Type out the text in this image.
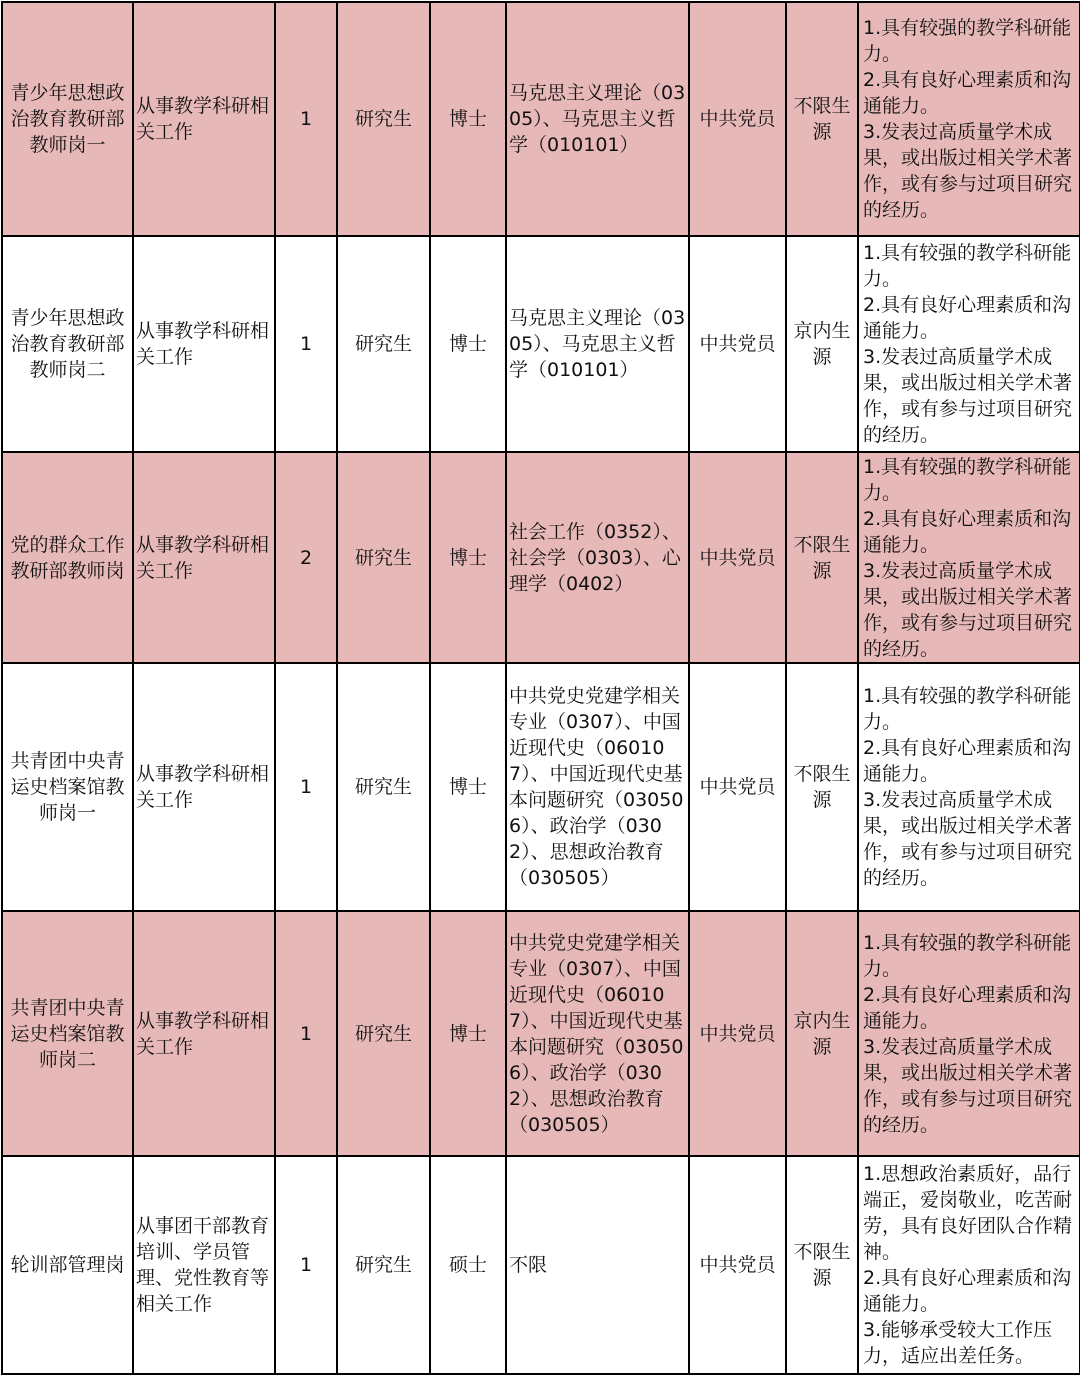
青少年思想政治教育教研部教师岗一	从事教学科研相关工作	1	研究生	博士	马克思主义理论（0305）、马克思主义哲学（010101）	中共党员	不限生源	1.具有较强的教学科研能力。
2.具有良好心理素质和沟通能力。
3.发表过高质量学术成果，或出版过相关学术著作，或有参与过项目研究的经历。

青少年思想政治教育教研部教师岗二	从事教学科研相关工作	1	研究生	博士	马克思主义理论（0305）、马克思主义哲学（010101）	中共党员	京内生源	1.具有较强的教学科研能力。
2.具有良好心理素质和沟通能力。
3.发表过高质量学术成果，或出版过相关学术著作，或有参与过项目研究的经历。

党的群众工作教研部教师岗	从事教学科研相关工作	2	研究生	博士	社会工作（0352）、社会学（0303）、心理学（0402）	中共党员	不限生源	1.具有较强的教学科研能力。
2.具有良好心理素质和沟通能力。
3.发表过高质量学术成果，或出版过相关学术著作，或有参与过项目研究的经历。

共青团中央青运史档案馆教师岗一	从事教学科研相关工作	1	研究生	博士	中共党史党建学相关专业（0307）、中国近现代史（060107）、中国近现代史基本问题研究（030506）、政治学（0302）、思想政治教育（030505）	中共党员	不限生源	1.具有较强的教学科研能力。
2.具有良好心理素质和沟通能力。
3.发表过高质量学术成果，或出版过相关学术著作，或有参与过项目研究的经历。

共青团中央青运史档案馆教师岗二	从事教学科研相关工作	1	研究生	博士	中共党史党建学相关专业（0307）、中国近现代史（060107）、中国近现代史基本问题研究（030506）、政治学（0302）、思想政治教育（030505）	中共党员	京内生源	1.具有较强的教学科研能力。
2.具有良好心理素质和沟通能力。
3.发表过高质量学术成果，或出版过相关学术著作，或有参与过项目研究的经历。

轮训部管理岗	从事团干部教育培训、学员管理、党性教育等相关工作	1	研究生	硕士	不限	中共党员	不限生源	1.思想政治素质好，品行端正，爱岗敬业，吃苦耐劳，具有良好团队合作精神。
2.具有良好心理素质和沟通能力。
3.能够承受较大工作压力，适应出差任务。
